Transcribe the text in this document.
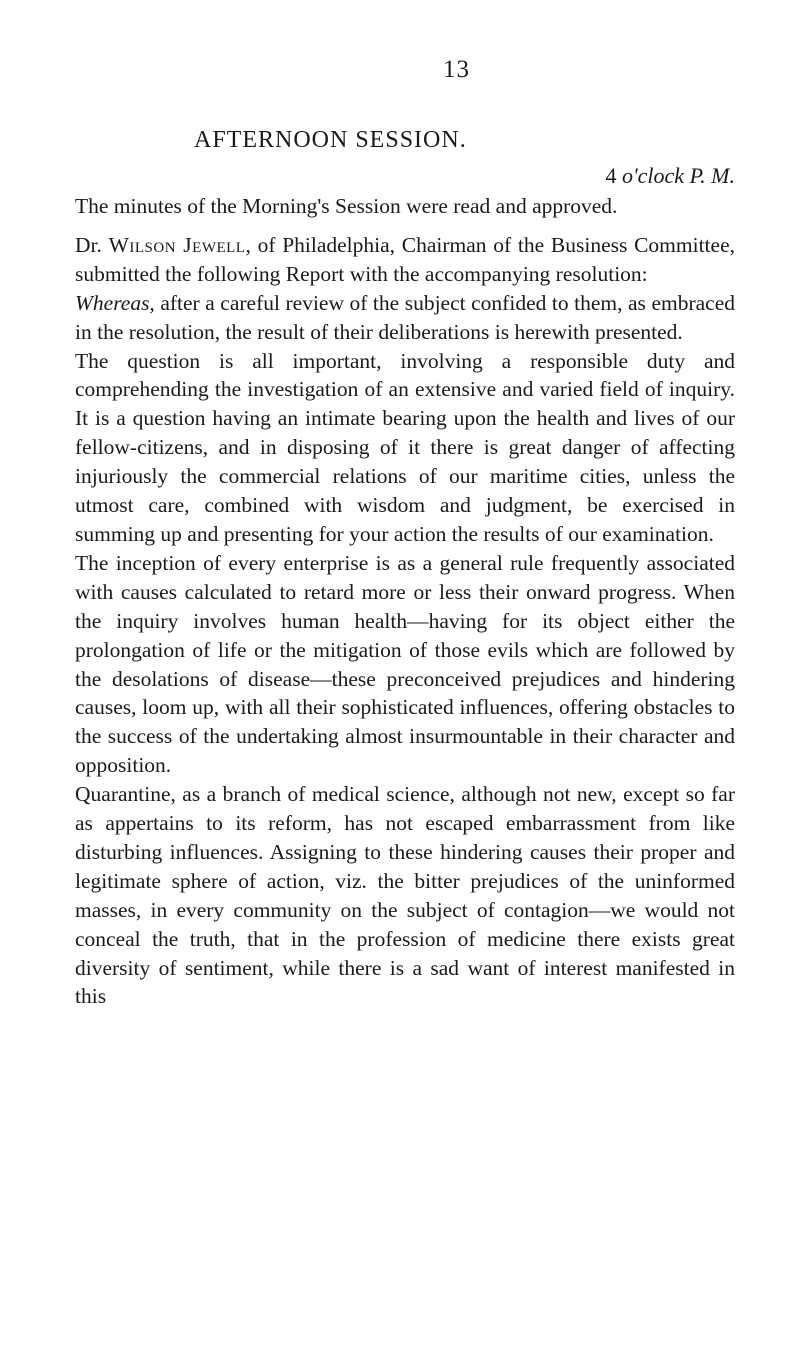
13

AFTERNOON SESSION.

4 o'clock P. M.

The minutes of the Morning's Session were read and approved.

Dr. Wilson Jewell, of Philadelphia, Chairman of the Business Committee, submitted the following Report with the accompanying resolution:

Whereas, after a careful review of the subject confided to them, as embraced in the resolution, the result of their deliberations is herewith presented.

The question is all important, involving a responsible duty and comprehending the investigation of an extensive and varied field of inquiry. It is a question having an intimate bearing upon the health and lives of our fellow-citizens, and in disposing of it there is great danger of affecting injuriously the commercial relations of our maritime cities, unless the utmost care, combined with wisdom and judgment, be exercised in summing up and presenting for your action the results of our examination.

The inception of every enterprise is as a general rule frequently associated with causes calculated to retard more or less their onward progress. When the inquiry involves human health—having for its object either the prolongation of life or the mitigation of those evils which are followed by the desolations of disease—these preconceived prejudices and hindering causes, loom up, with all their sophisticated influences, offering obstacles to the success of the undertaking almost insurmountable in their character and opposition.

Quarantine, as a branch of medical science, although not new, except so far as appertains to its reform, has not escaped embarrassment from like disturbing influences. Assigning to these hindering causes their proper and legitimate sphere of action, viz. the bitter prejudices of the uninformed masses, in every community on the subject of contagion—we would not conceal the truth, that in the profession of medicine there exists great diversity of sentiment, while there is a sad want of interest manifested in this
